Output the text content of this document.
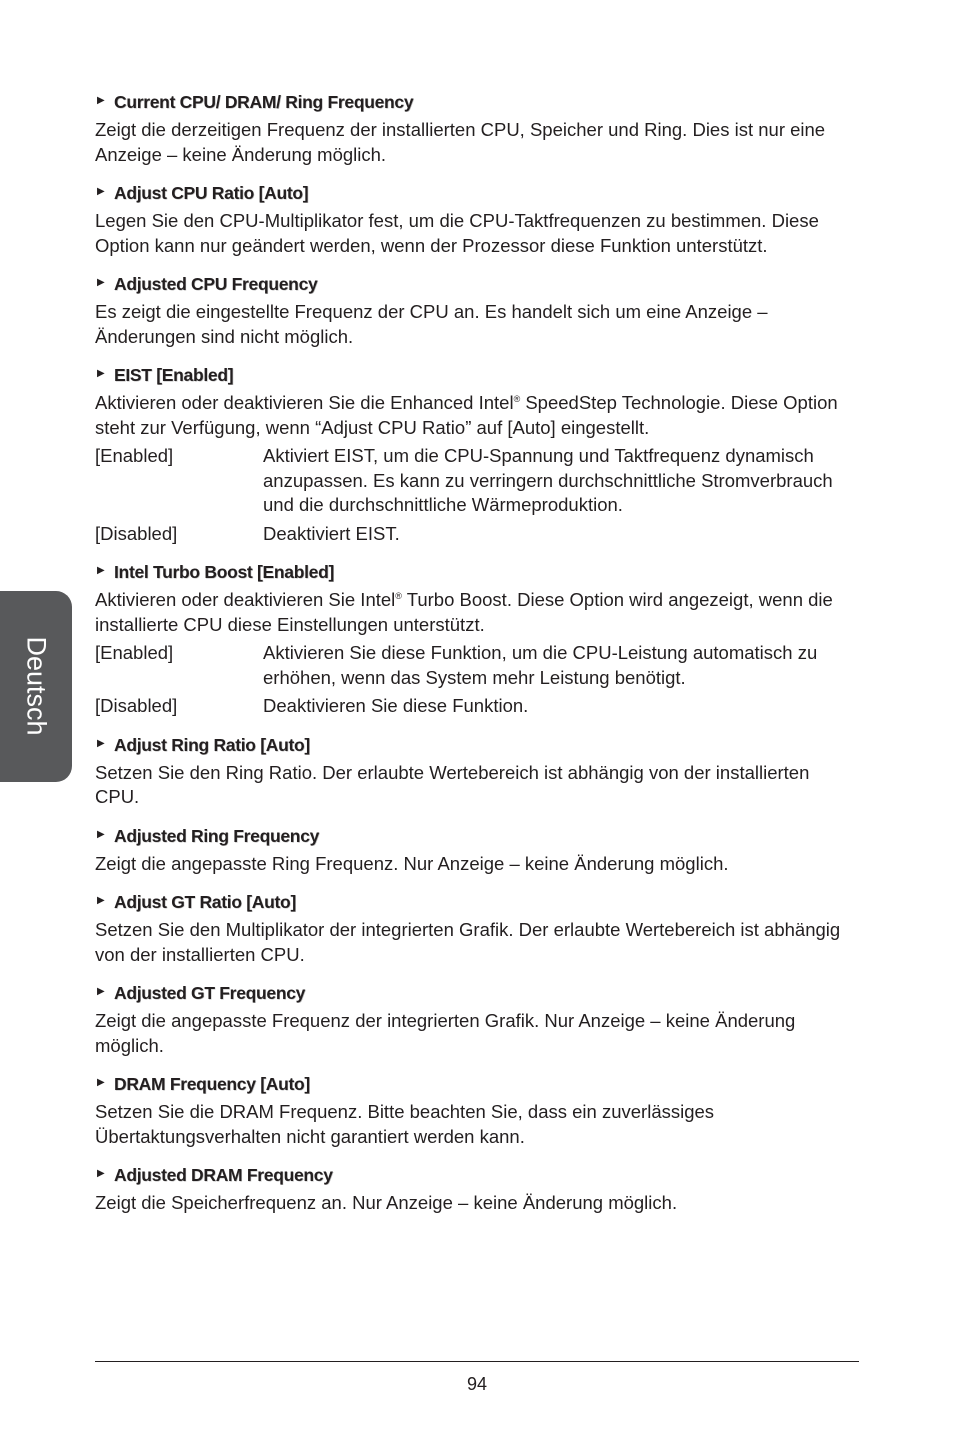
Deutsch
▶ Current CPU/ DRAM/ Ring Frequency

Zeigt die derzeitigen Frequenz der installierten CPU, Speicher und Ring. Dies ist nur eine Anzeige – keine Änderung möglich.

▶ Adjust CPU Ratio [Auto]

Legen Sie den CPU-Multiplikator fest, um die CPU-Taktfrequenzen zu bestimmen. Diese Option kann nur geändert werden, wenn der Prozessor diese Funktion unterstützt.

▶ Adjusted CPU Frequency

Es zeigt die eingestellte Frequenz der CPU an. Es handelt sich um eine Anzeige – Änderungen sind nicht möglich.

▶ EIST [Enabled]

Aktivieren oder deaktivieren Sie die Enhanced Intel® SpeedStep Technologie. Diese Option steht zur Verfügung, wenn “Adjust CPU Ratio” auf [Auto] eingestellt.

[Enabled]	Aktiviert EIST, um die CPU-Spannung und Taktfrequenz dynamisch anzupassen. Es kann zu verringern durchschnittliche Stromverbrauch und die durchschnittliche Wärmeproduktion.
[Disabled]	Deaktiviert EIST.
▶ Intel Turbo Boost [Enabled]

Aktivieren oder deaktivieren Sie Intel® Turbo Boost. Diese Option wird angezeigt, wenn die installierte CPU diese Einstellungen unterstützt.

[Enabled]	Aktivieren Sie diese Funktion, um die CPU-Leistung automatisch zu erhöhen, wenn das System mehr Leistung benötigt.
[Disabled]	Deaktivieren Sie diese Funktion.
▶ Adjust Ring Ratio [Auto]

Setzen Sie den Ring Ratio. Der erlaubte Wertebereich ist abhängig von der installierten CPU.

▶ Adjusted Ring Frequency

Zeigt die angepasste Ring Frequenz. Nur Anzeige – keine Änderung möglich.

▶ Adjust GT Ratio [Auto]

Setzen Sie den Multiplikator der integrierten Grafik. Der erlaubte Wertebereich ist abhängig von der installierten CPU.

▶ Adjusted GT Frequency

Zeigt die angepasste Frequenz der integrierten Grafik. Nur Anzeige – keine Änderung möglich.

▶ DRAM Frequency [Auto]

Setzen Sie die DRAM Frequenz. Bitte beachten Sie, dass ein zuverlässiges Übertaktungsverhalten nicht garantiert werden kann.

▶ Adjusted DRAM Frequency

Zeigt die Speicherfrequenz an. Nur Anzeige – keine Änderung möglich.

94
